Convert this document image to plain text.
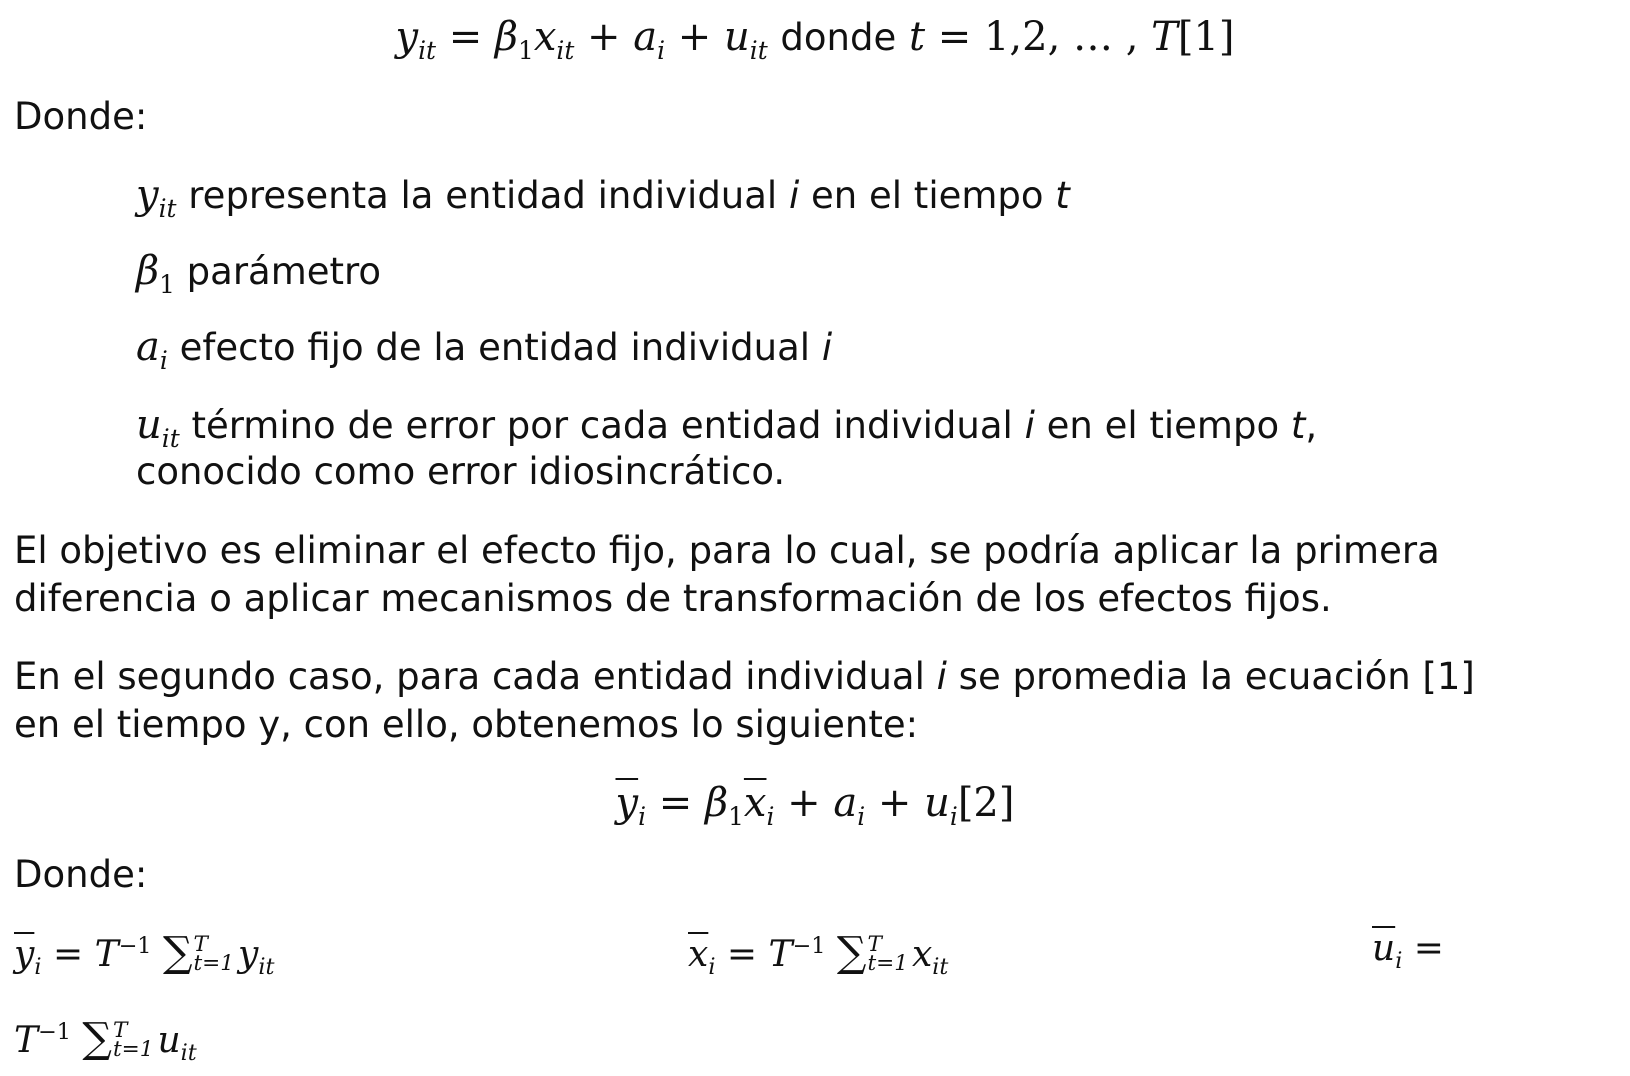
$y_{it} = \beta_1x_{it} + a_i + u_{it}$ donde t = 1,2, … , T[1]
Donde:
$y_{it}$ representa la entidad individual i en el tiempo t
$\beta_1$ parámetro
$a_i$ efecto fijo de la entidad individual i
$u_{it}$ término de error por cada entidad individual i en el tiempo t,
conocido como error idiosincrático.
El objetivo es eliminar el efecto fijo, para lo cual, se podría aplicar la primera
diferencia o aplicar mecanismos de transformación de los efectos fijos.
En el segundo caso, para cada entidad individual i se promedia la ecuación [1]
en el tiempo y, con ello, obtenemos lo siguiente:
$\overline{y}_i = \beta_1\overline{x}_i + a_i + u_i[2]$
Donde:
$\overline{y}_i = T^{-1}$ ∑ T
t=1 $y_{it}$	$\overline{x}_i = T^{-1}$ ∑ T
t=1 $x_{it}$	$\overline{u}_i$ =
$T^{-1}$ ∑ T
t=1 $u_{it}$
